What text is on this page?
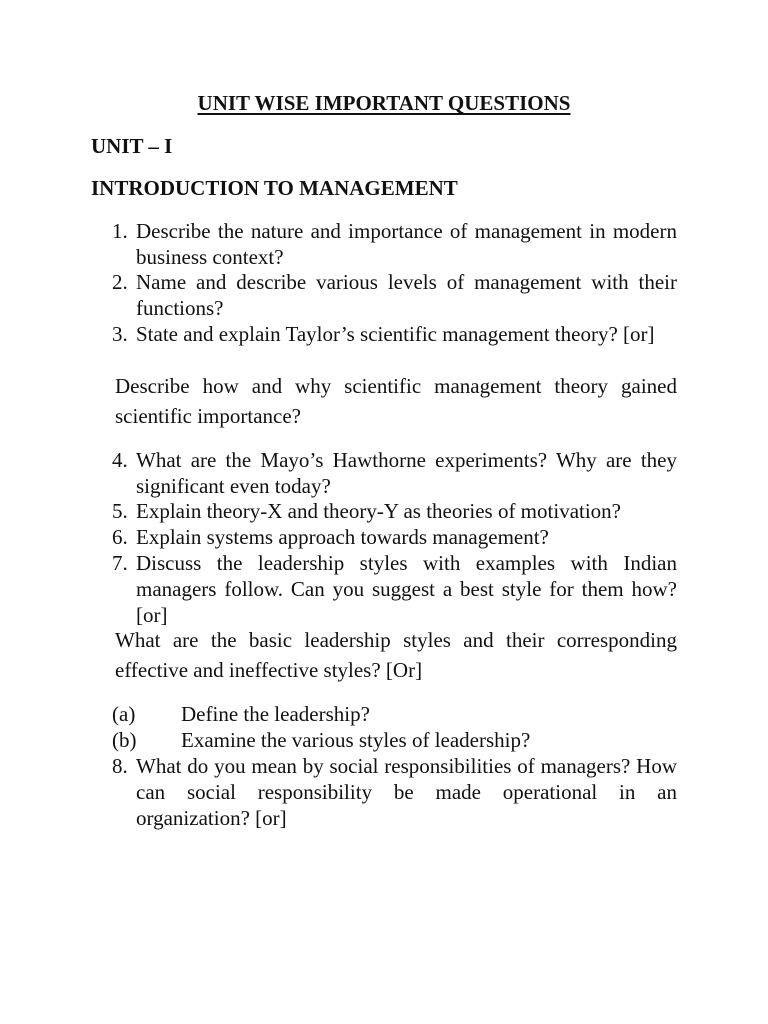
UNIT WISE IMPORTANT QUESTIONS
UNIT – I
INTRODUCTION TO MANAGEMENT
1. Describe the nature and importance of management in modern business context?
2. Name and describe various levels of management with their functions?
3. State and explain Taylor’s scientific management theory? [or]
Describe how and why scientific management theory gained scientific importance?
4. What are the Mayo’s Hawthorne experiments? Why are they significant even today?
5. Explain theory-X and theory-Y as theories of motivation?
6. Explain systems approach towards management?
7. Discuss the leadership styles with examples with Indian managers follow. Can you suggest a best style for them how? [or]
What are the basic leadership styles and their corresponding effective and ineffective styles? [Or]
(a) Define the leadership?
(b) Examine the various styles of leadership?
8. What do you mean by social responsibilities of managers? How can social responsibility be made operational in an organization? [or]
